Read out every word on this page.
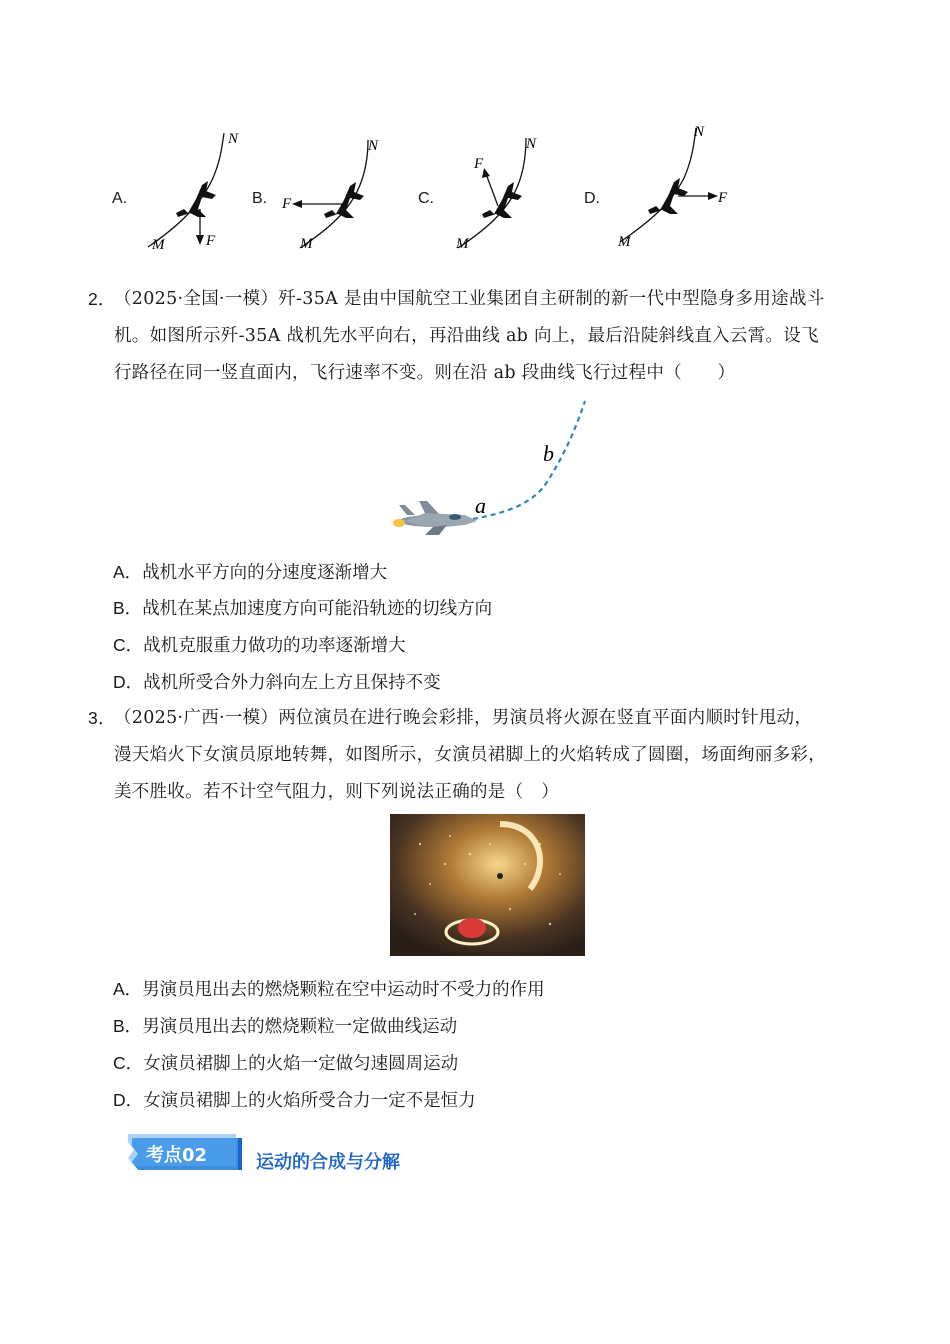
A.
N
M	F
B.
N
M
F	C.
N
M
F
D.
N
M
F
2．
（2025·全国·一模）歼-35A 是由中国航空工业集团自主研制的新一代中型隐身多用途战斗
机。如图所示歼-35A 战机先水平向右，再沿曲线 ab 向上，最后沿陡斜线直入云霄。设飞
行路径在同一竖直面内，飞行速率不变。则在沿 ab 段曲线飞行过程中（　　）
a
b
A．战机水平方向的分速度逐渐增大
B．战机在某点加速度方向可能沿轨迹的切线方向
C．战机克服重力做功的功率逐渐增大
D．战机所受合外力斜向左上方且保持不变
3．
（2025·广西·一模）两位演员在进行晚会彩排，男演员将火源在竖直平面内顺时针甩动，
漫天焰火下女演员原地转舞，如图所示，女演员裙脚上的火焰转成了圆圈，场面绚丽多彩，
美不胜收。若不计空气阻力，则下列说法正确的是（　）
A．男演员甩出去的燃烧颗粒在空中运动时不受力的作用
B．男演员甩出去的燃烧颗粒一定做曲线运动
C．女演员裙脚上的火焰一定做匀速圆周运动
D．女演员裙脚上的火焰所受合力一定不是恒力
考点02	运动的合成与分解
